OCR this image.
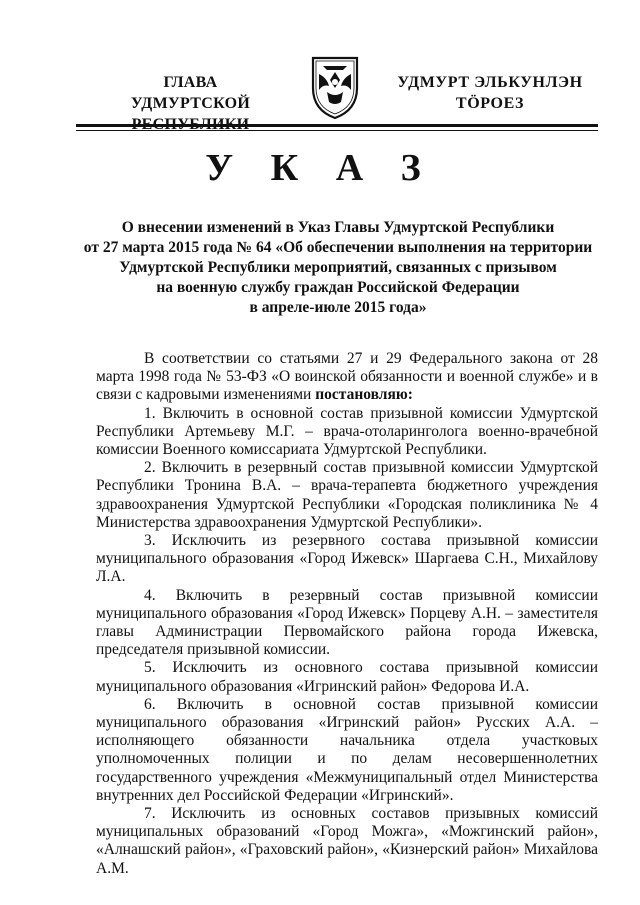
ГЛАВА
УДМУРТСКОЙ
УДМУРТ ЭЛЬКУНЛЭН
ТÖРОЕЗ
У К А З
О внесении изменений в Указ Главы Удмуртской Республики
от 27 марта 2015 года № 64 «Об обеспечении выполнения на территории
Удмуртской Республики мероприятий, связанных с призывом
на военную службу граждан Российской Федерации
в апреле-июле 2015 года»

В соответствии со статьями 27 и 29 Федерального закона от 28 марта 1998 года № 53-ФЗ «О воинской обязанности и военной службе» и в связи с кадровыми изменениями постановляю:

1. Включить в основной состав призывной комиссии Удмуртской Республики Артемьеву М.Г. – врача-отоларинголога военно-врачебной комиссии Военного комиссариата Удмуртской Республики.

2. Включить в резервный состав призывной комиссии Удмуртской Республики Тронина В.А. – врача-терапевта бюджетного учреждения здравоохранения Удмуртской Республики «Городская поликлиника № 4 Министерства здравоохранения Удмуртской Республики».

3. Исключить из резервного состава призывной комиссии муниципального образования «Город Ижевск» Шаргаева С.Н., Михайлову Л.А.

4. Включить в резервный состав призывной комиссии муниципального образования «Город Ижевск» Порцеву А.Н. – заместителя главы Администрации Первомайского района города Ижевска, председателя призывной комиссии.

5. Исключить из основного состава призывной комиссии муниципального образования «Игринский район» Федорова И.А.

6. Включить в основной состав призывной комиссии муниципального образования «Игринский район» Русских А.А. – исполняющего обязанности начальника отдела участковых уполномоченных полиции и по делам несовершеннолетних государственного учреждения «Межмуниципальный отдел Министерства внутренних дел Российской Федерации «Игринский».

7. Исключить из основных составов призывных комиссий муниципальных образований «Город Можга», «Можгинский район», «Алнашский район», «Граховский район», «Кизнерский район» Михайлова А.М.
